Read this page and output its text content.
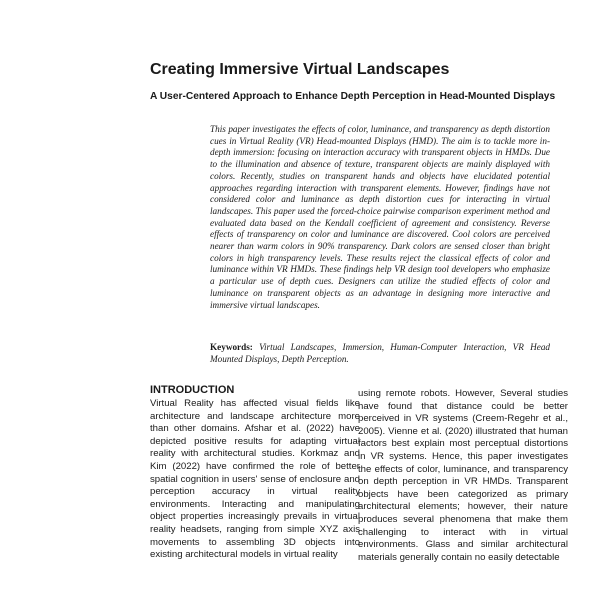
Creating Immersive Virtual Landscapes
A User-Centered Approach to Enhance Depth Perception in Head-Mounted Displays

This paper investigates the effects of color, luminance, and transparency as depth distortion cues in Virtual Reality (VR) Head-mounted Displays (HMD). The aim is to tackle more in-depth immersion: focusing on interaction accuracy with transparent objects in HMDs. Due to the illumination and absence of texture, transparent objects are mainly displayed with colors. Recently, studies on transparent hands and objects have elucidated potential approaches regarding interaction with transparent elements. However, findings have not considered color and luminance as depth distortion cues for interacting in virtual landscapes. This paper used the forced-choice pairwise comparison experiment method and evaluated data based on the Kendall coefficient of agreement and consistency. Reverse effects of transparency on color and luminance are discovered. Cool colors are perceived nearer than warm colors in 90% transparency. Dark colors are sensed closer than bright colors in high transparency levels. These results reject the classical effects of color and luminance within VR HMDs. These findings help VR design tool developers who emphasize a particular use of depth cues. Designers can utilize the studied effects of color and luminance on transparent objects as an advantage in designing more interactive and immersive virtual landscapes.

Keywords: Virtual Landscapes, Immersion, Human-Computer Interaction, VR Head Mounted Displays, Depth Perception.

INTRODUCTION

Virtual Reality has affected visual fields like architecture and landscape architecture more than other domains. Afshar et al. (2022) have depicted positive results for adapting virtual reality with architectural studies. Korkmaz and Kim (2022) have confirmed the role of better spatial cognition in users' sense of enclosure and perception accuracy in virtual reality environments. Interacting and manipulating object properties increasingly prevails in virtual reality headsets, ranging from simple XYZ axis movements to assembling 3D objects into existing architectural models in virtual reality

using remote robots. However, Several studies have found that distance could be better perceived in VR systems (Creem-Regehr et al., 2005). Vienne et al. (2020) illustrated that human factors best explain most perceptual distortions in VR systems. Hence, this paper investigates the effects of color, luminance, and transparency on depth perception in VR HMDs. Transparent objects have been categorized as primary architectural elements; however, their nature produces several phenomena that make them challenging to interact with in virtual environments. Glass and similar architectural materials generally contain no easily detectable
